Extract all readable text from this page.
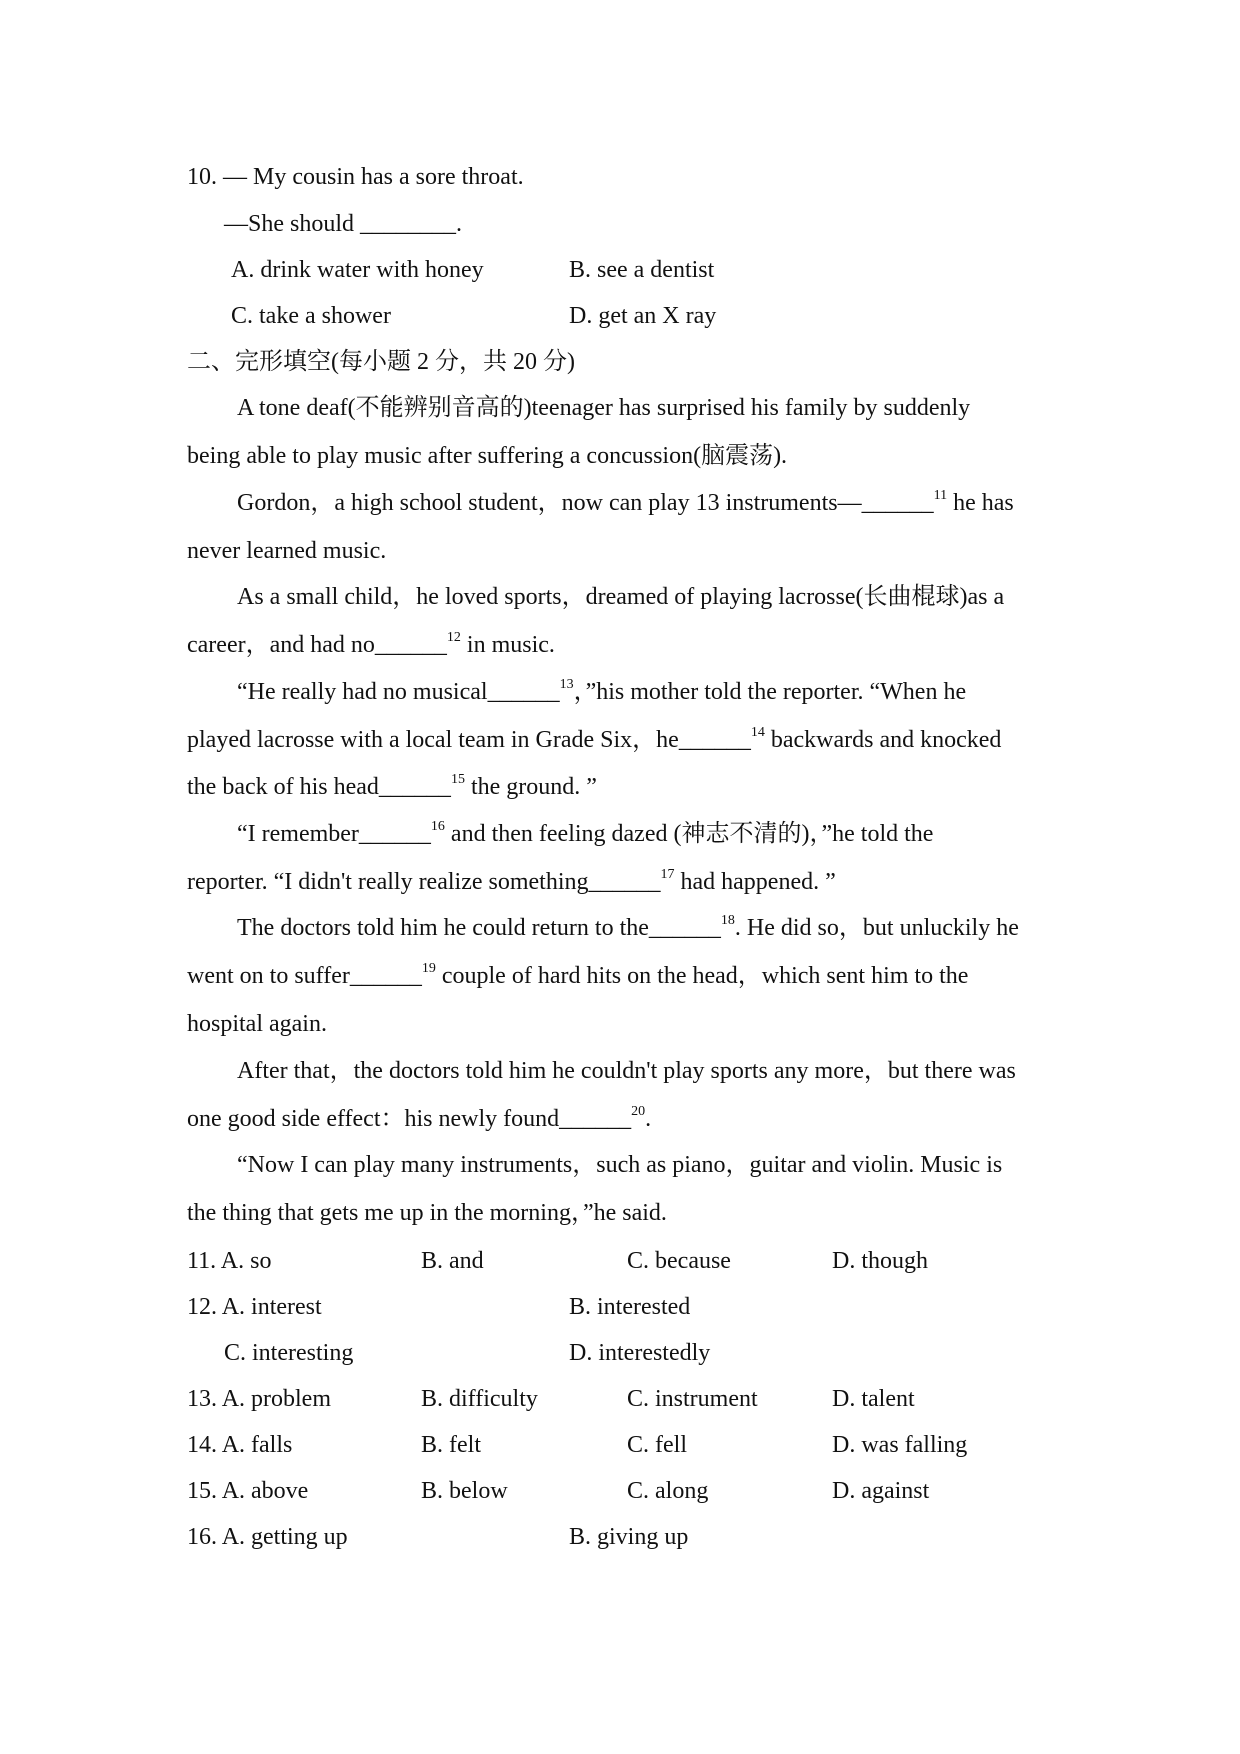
10. — My cousin has a sore throat.
—She should ________.
A. drink water with honey	B. see a dentist
C. take a shower	D. get an X ray
二、完形填空(每小题 2 分，共 20 分)
A tone deaf(不能辨别音高的)teenager has surprised his family by suddenly
being able to play music after suffering a concussion(脑震荡).
Gordon，a high school student，now can play 13 instruments—______$^{11}$ he has
never learned music.
As a small child，he loved sports，dreamed of playing lacrosse(长曲棍球)as a
career，and had no______$^{12}$ in music.
“He really had no musical______$^{13}$，”his mother told the reporter. “When he
played lacrosse with a local team in Grade Six，he______$^{14}$ backwards and knocked
the back of his head______$^{15}$ the ground. ”
“I remember______$^{16}$ and then feeling dazed (神志不清的)，”he told the
reporter. “I didn't really realize something______$^{17}$ had happened. ”
The doctors told him he could return to the______$^{18}$. He did so，but unluckily he
went on to suffer______$^{19}$ couple of hard hits on the head，which sent him to the
hospital again.
After that，the doctors told him he couldn't play sports any more，but there was
one good side effect：his newly found______$^{20}$.
“Now I can play many instruments，such as piano，guitar and violin. Music is
the thing that gets me up in the morning，”he said.
11. A. so	B. and	C. because	D. though
12. A. interest	B. interested
C. interesting	D. interestedly
13. A. problem	B. difficulty	C. instrument	D. talent
14. A. falls	B. felt	C. fell	D. was falling
15. A. above	B. below	C. along	D. against
16. A. getting up	B. giving up
